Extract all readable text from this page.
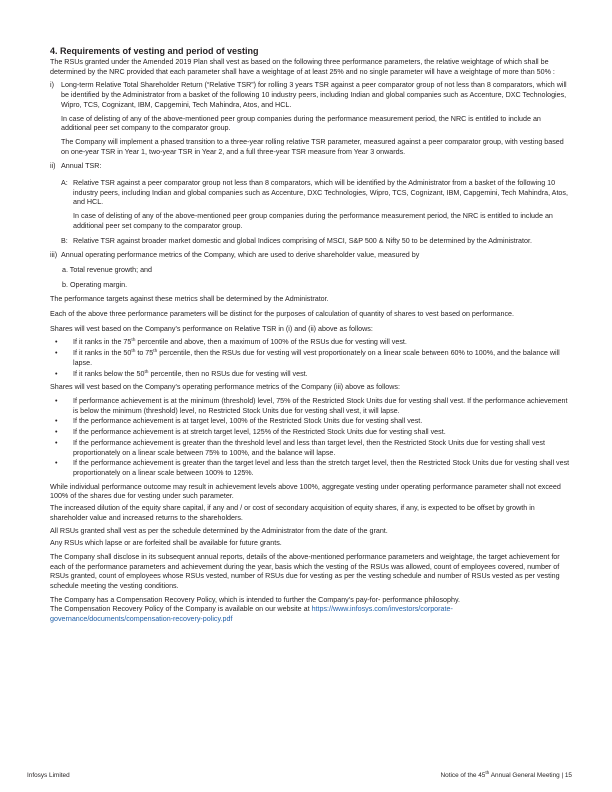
4. Requirements of vesting and period of vesting

The RSUs granted under the Amended 2019 Plan shall vest as based on the following three performance parameters, the relative weightage of which shall be determined by the NRC provided that each parameter shall have a weightage of at least 25% and no single parameter will have a weightage of more than 50% :

i) Long-term Relative Total Shareholder Return (“Relative TSR”) for rolling 3 years TSR against a peer comparator group of not less than 8 comparators, which will be identified by the Administrator from a basket of the following 10 industry peers, including Indian and global companies such as Accenture, DXC Technologies, Wipro, TCS, Cognizant, IBM, Capgemini, Tech Mahindra, Atos, and HCL.

In case of delisting of any of the above-mentioned peer group companies during the performance measurement period, the NRC is entitled to include an additional peer set company to the comparator group.

The Company will implement a phased transition to a three-year rolling relative TSR parameter, measured against a peer comparator group, with vesting based on one-year TSR in Year 1, two-year TSR in Year 2, and a full three-year TSR measure from Year 3 onwards.

ii) Annual TSR:

A: Relative TSR against a peer comparator group not less than 8 comparators, which will be identified by the Administrator from a basket of the following 10 industry peers, including Indian and global companies such as Accenture, DXC Technologies, Wipro, TCS, Cognizant, IBM, Capgemini, Tech Mahindra, Atos, and HCL.

In case of delisting of any of the above-mentioned peer group companies during the performance measurement period, the NRC is entitled to include an additional peer set company to the comparator group.

B: Relative TSR against broader market domestic and global Indices comprising of MSCI, S&P 500 & Nifty 50 to be determined by the Administrator.

iii) Annual operating performance metrics of the Company, which are used to derive shareholder value, measured by

a. Total revenue growth; and

b. Operating margin.

The performance targets against these metrics shall be determined by the Administrator.

Each of the above three performance parameters will be distinct for the purposes of calculation of quantity of shares to vest based on performance.

Shares will vest based on the Company’s performance on Relative TSR in (i) and (ii) above as follows:

•	If it ranks in the 75th percentile and above, then a maximum of 100% of the RSUs due for vesting will vest.
•	If it ranks in the 50th to 75th percentile, then the RSUs due for vesting will vest proportionately on a linear scale between 60% to 100%, and the balance will lapse.
•	If it ranks below the 50th percentile, then no RSUs due for vesting will vest.

Shares will vest based on the Company’s operating performance metrics of the Company (iii) above as follows:

•	If performance achievement is at the minimum (threshold) level, 75% of the Restricted Stock Units due for vesting shall vest. If the performance achievement is below the minimum (threshold) level, no Restricted Stock Units due for vesting shall vest, it will lapse.
•	If the performance achievement is at target level, 100% of the Restricted Stock Units due for vesting shall vest.
•	If the performance achievement is at stretch target level, 125% of the Restricted Stock Units due for vesting shall vest.
•	If the performance achievement is greater than the threshold level and less than target level, then the Restricted Stock Units due for vesting shall vest proportionately on a linear scale between 75% to 100%, and the balance will lapse.
•	If the performance achievement is greater than the target level and less than the stretch target level, then the Restricted Stock Units due for vesting shall vest proportionately on a linear scale between 100% to 125%.

While individual performance outcome may result in achievement levels above 100%, aggregate vesting under operating performance parameter shall not exceed 100% of the shares due for vesting under such parameter.

The increased dilution of the equity share capital, if any and / or cost of secondary acquisition of equity shares, if any, is expected to be offset by growth in shareholder value and increased returns to the shareholders.

All RSUs granted shall vest as per the schedule determined by the Administrator from the date of the grant.

Any RSUs which lapse or are forfeited shall be available for future grants.

The Company shall disclose in its subsequent annual reports, details of the above-mentioned performance parameters and weightage, the target achievement for each of the performance parameters and achievement during the year, basis which the vesting of the RSUs was allowed, count of employees covered, number of RSUs granted, count of employees whose RSUs vested, number of RSUs due for vesting as per the vesting schedule and number of RSUs vested as per vesting schedule meeting the vesting conditions.

The Company has a Compensation Recovery Policy, which is intended to further the Company’s pay-for- performance philosophy.
The Compensation Recovery Policy of the Company is available on our website at https://www.infosys.com/investors/corporate-governance/documents/compensation-recovery-policy.pdf

Infosys Limited	Notice of the 45th Annual General Meeting | 15
